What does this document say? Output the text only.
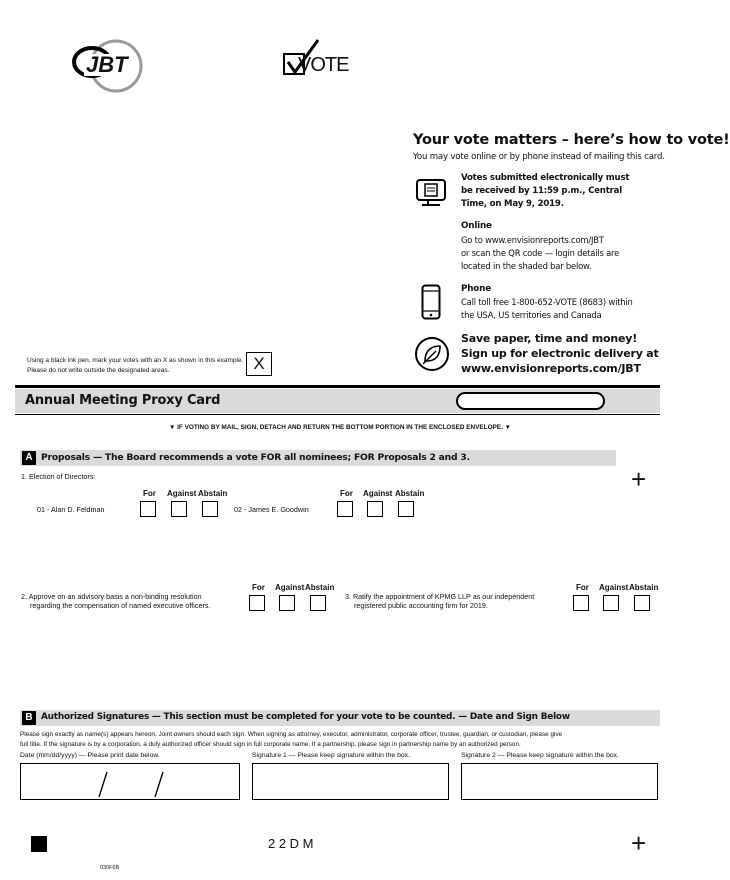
JBT	VOTE
Your vote matters – here’s how to vote!
You may vote online or by phone instead of mailing this card.
Votes submitted electronically must be received by 11:59 p.m., Central Time, on May 9, 2019.
Online
Go to www.envisionreports.com/JBT
or scan the QR code — login details are
located in the shaded bar below.
Phone
Call toll free 1-800-652-VOTE (8683) within
the USA, US territories and Canada
Save paper, time and money!
Sign up for electronic delivery at
www.envisionreports.com/JBT
Using a black ink pen, mark your votes with an X as shown in this example.
Please do not write outside the designated areas.	X
Annual Meeting Proxy Card
▼ IF VOTING BY MAIL, SIGN, DETACH AND RETURN THE BOTTOM PORTION IN THE ENCLOSED ENVELOPE. ▼
A Proposals — The Board recommends a vote FOR all nominees; FOR Proposals 2 and 3.
+
1. Election of Directors:
For Against Abstain	For Against Abstain
01 - Alan D. Feldman	02 - James E. Goodwin
For Against Abstain	For Against Abstain
2. Approve on an advisory basis a non-binding resolution
regarding the compensation of named executive officers.
3. Ratify the appointment of KPMG LLP as our independent
registered public accounting firm for 2019.
B Authorized Signatures — This section must be completed for your vote to be counted. — Date and Sign Below
Please sign exactly as name(s) appears hereon. Joint owners should each sign. When signing as attorney, executor, administrator, corporate officer, trustee, guardian, or custodian, please give
full title. If the signature is by a corporation, a duly authorized officer should sign in full corporate name. If a partnership, please sign in partnership name by an authorized person.
Date (mm/dd/yyyy) — Please print date below.	Signature 1 — Please keep signature within the box.	Signature 2 — Please keep signature within the box.
2 2 D M	+
030F6B
